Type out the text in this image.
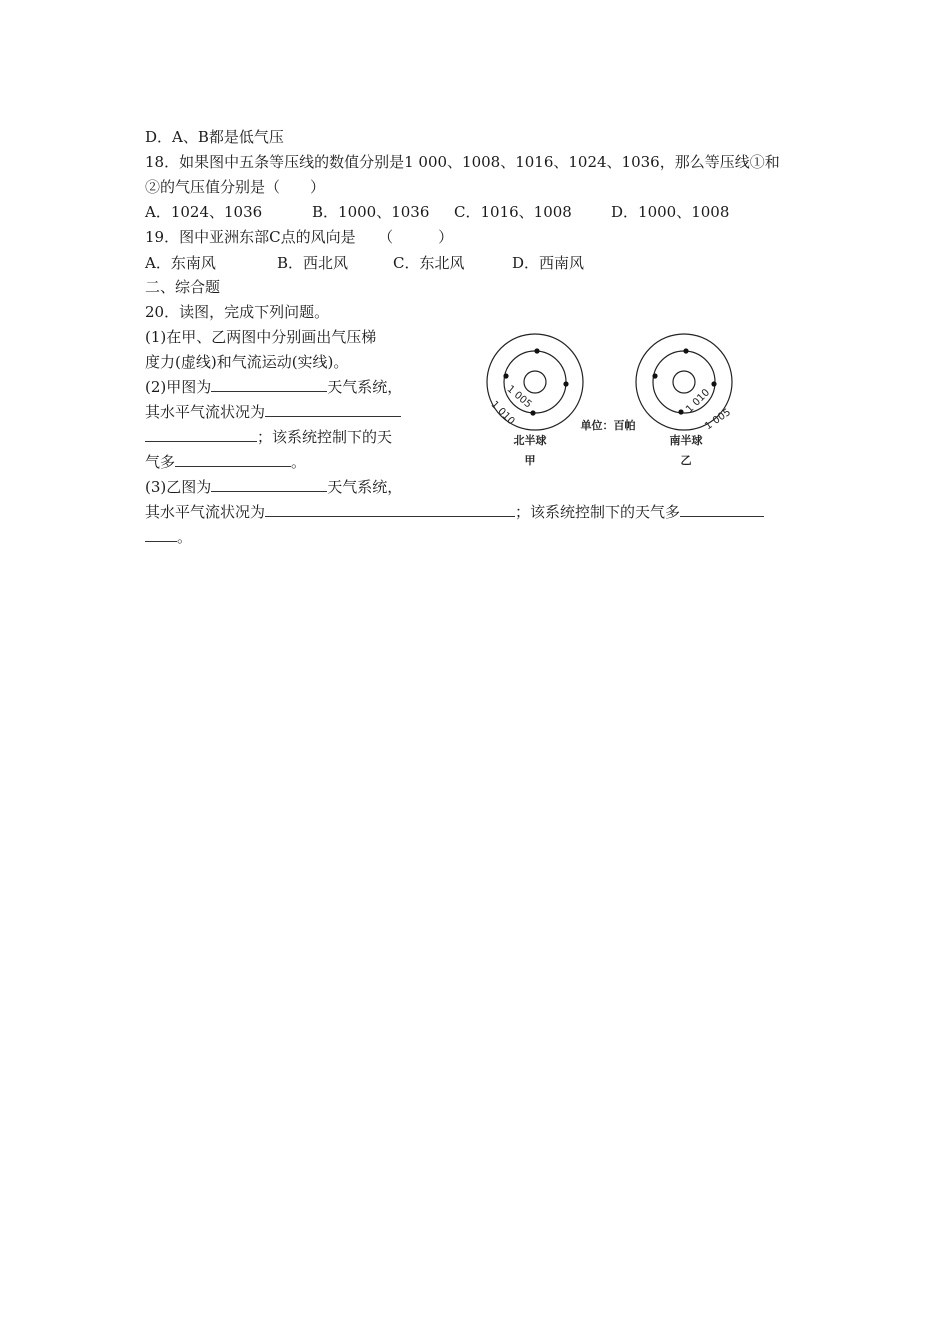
D．A、B都是低气压
18．如果图中五条等压线的数值分别是1 000、1008、1016、1024、1036，那么等压线①和
②的气压值分别是（　　）
A．1024、1036	B．1000、1036 C．1016、1008	D．1000、1008
19．图中亚洲东部C点的风向是　　（　　　）
A．东南风	B．西北风	C．东北风	D．西南风
二、综合题
20．读图，完成下列问题。
(1)在甲、乙两图中分别画出气压梯
度力(虚线)和气流运动(实线)。
(2)甲图为	天气系统，
其水平气流状况为
；该系统控制下的天
气多	。
(3)乙图为	天气系统，
其水平气流状况为	；该系统控制下的天气多
。
1 005
1 010
北半球
甲
单位：百帕
1 010
1 005
南半球
乙
